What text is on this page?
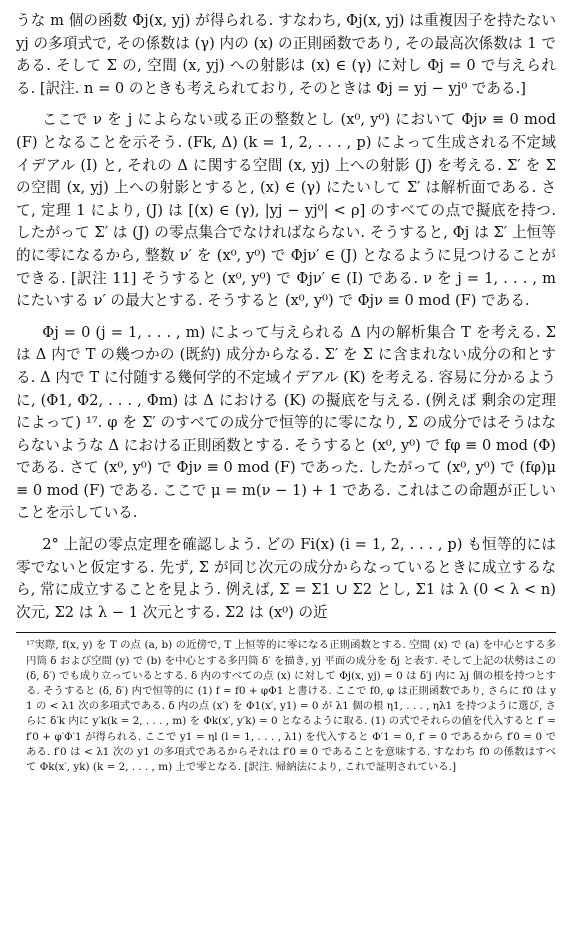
うな m 個の函数 Φj(x, yj) が得られる. すなわち, Φj(x, yj) は重複因子を持たない yj の多項式で, その係数は (γ) 内の (x) の正則函数であり, その最高次係数は 1 である. そして Σ の, 空間 (x, yj) への射影は (x) ∈ (γ) に対し Φj = 0 で与えられる. [訳注. n = 0 のときも考えられており, そのときは Φj = yj − yj⁰ である.]

ここで ν を j によらない或る正の整数とし (x⁰, y⁰) において Φjν ≡ 0 mod (F) となることを示そう. (Fk, Δ) (k = 1, 2, . . . , p) によって生成される不定域イデアル (I) と, それの Δ に関する空間 (x, yj) 上への射影 (J) を考える. Σ′ を Σ の空間 (x, yj) 上への射影とすると, (x) ∈ (γ) にたいして Σ′ は解析面である. さて, 定理 1 により, (J) は [(x) ∈ (γ), |yj − yj⁰| < ρ] のすべての点で擬底を持つ. したがって Σ′ は (J) の零点集合でなければならない. そうすると, Φj は Σ′ 上恒等的に零になるから, 整数 ν′ を (x⁰, y⁰) で Φjν′ ∈ (J) となるように見つけることができる. [訳注 11] そうすると (x⁰, y⁰) で Φjν′ ∈ (I) である. ν を j = 1, . . . , m にたいする ν′ の最大とする. そうすると (x⁰, y⁰) で Φjν ≡ 0 mod (F) である.

Φj = 0 (j = 1, . . . , m) によって与えられる Δ 内の解析集合 T を考える. Σ は Δ 内で T の幾つかの (既約) 成分からなる. Σ′ を Σ に含まれない成分の和とする. Δ 内で T に付随する幾何学的不定域イデアル (K) を考える. 容易に分かるように, (Φ1, Φ2, . . . , Φm) は Δ における (K) の擬底を与える. (例えば 剰余の定理 によって) ¹⁷. φ を Σ′ のすべての成分で恒等的に零になり, Σ の成分ではそうはならないような Δ における正則函数とする. そうすると (x⁰, y⁰) で fφ ≡ 0 mod (Φ) である. さて (x⁰, y⁰) で Φjν ≡ 0 mod (F) であった. したがって (x⁰, y⁰) で (fφ)μ ≡ 0 mod (F) である. ここで μ = m(ν − 1) + 1 である. これはこの命題が正しいことを示している.

2° 上記の零点定理を確認しよう. どの Fi(x) (i = 1, 2, . . . , p) も恒等的には零でないと仮定する. 先ず, Σ が同じ次元の成分からなっているときに成立するなら, 常に成立することを見よう. 例えば, Σ = Σ1 ∪ Σ2 とし, Σ1 は λ (0 < λ < n) 次元, Σ2 は λ − 1 次元とする. Σ2 は (x⁰) の近

¹⁷実際, f(x, y) を T の点 (a, b) の近傍で, T 上恒等的に零になる正則函数とする. 空間 (x) で (a) を中心とする多円筒 δ および空間 (y) で (b) を中心とする多円筒 δ′ を描き, yj 平面の成分を δj と表す. そして上記の状勢はこの (δ, δ′) でも成り立っているとする. δ 内のすべての点 (x) に対して Φj(x, yj) = 0 は δ′j 内に λj 個の根を持つとする. そうすると (δ, δ′) 内で恒等的に (1) f = f0 + φΦ1 と書ける. ここで f0, φ は正則函数であり, さらに f0 は y1 の < λ1 次の多項式である. δ 内の点 (x′) を Φ1(x′, y1) = 0 が λ1 個の根 η1, . . . , ηλ1 を持つように選び, さらに δ′k 内に y′k(k = 2, . . . , m) を Φk(x′, y′k) = 0 となるように取る. (1) の式でそれらの値を代入すると f′ = f′0 + φ′Φ′1 が得られる. ここで y1 = ηl (l = 1, . . . , λ1) を代入すると Φ′1 = 0, f′ = 0 であるから f′0 = 0 である. f′0 は < λ1 次の y1 の多項式であるからそれは f′0 ≡ 0 であることを意味する. すなわち f0 の係数はすべて Φk(x′, yk) (k = 2, . . . , m) 上で零となる. [訳注. 帰納法により, これで証明されている.]
